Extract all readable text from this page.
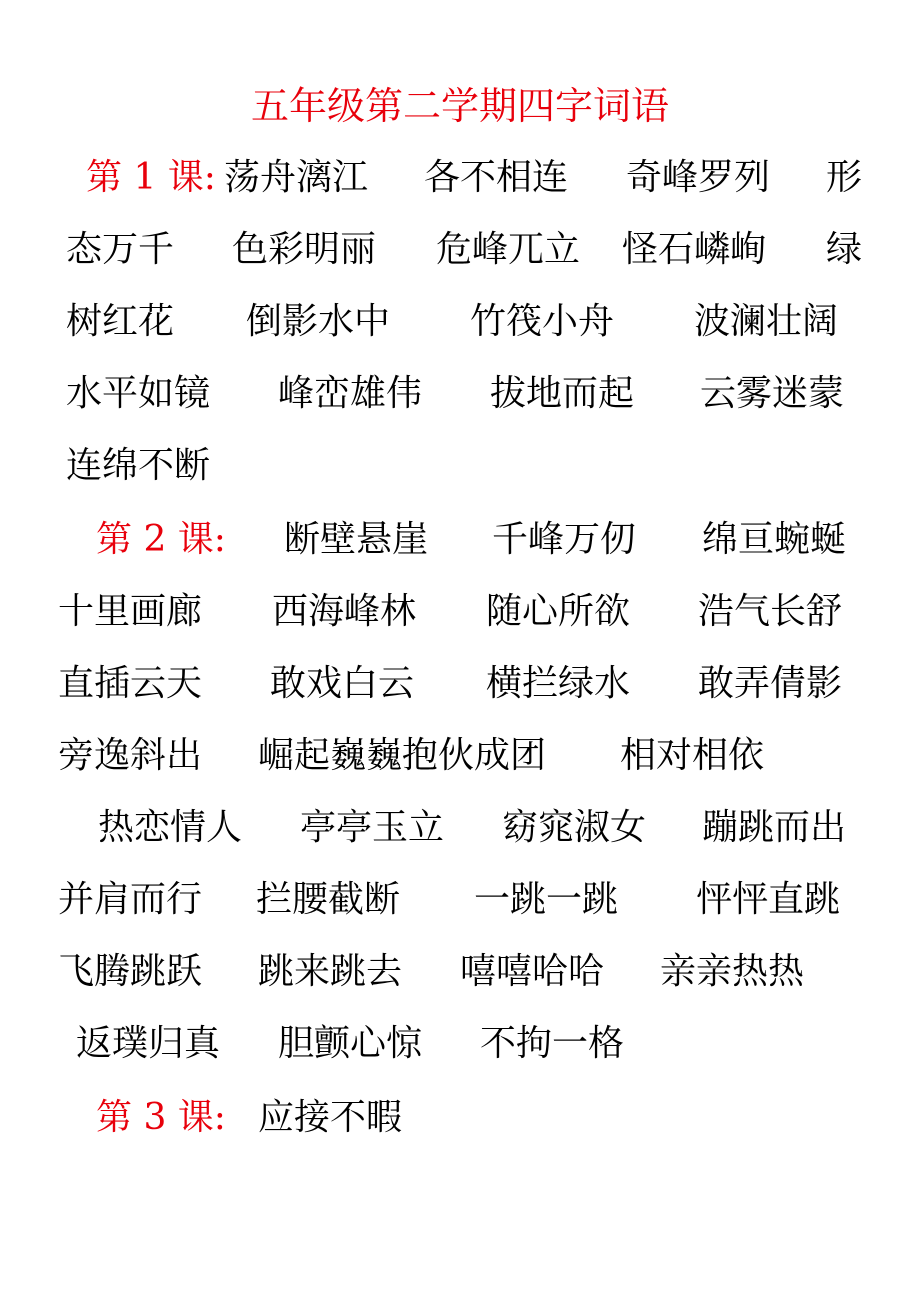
五年级第二学期四字词语
第 1 课: 荡舟漓江 各不相连 奇峰罗列 形
态万千 色彩明丽 危峰兀立 怪石嶙峋 绿
树红花 倒影水中 竹筏小舟 波澜壮阔
水平如镜 峰峦雄伟 拔地而起 云雾迷蒙
连绵不断
第 2 课: 断壁悬崖 千峰万仞 绵亘蜿蜒
十里画廊 西海峰林 随心所欲 浩气长舒
直插云天 敢戏白云 横拦绿水 敢弄倩影
旁逸斜出 崛起巍巍抱伙成团 相对相依
热恋情人 亭亭玉立 窈窕淑女 蹦跳而出
并肩而行 拦腰截断 一跳一跳 怦怦直跳
飞腾跳跃 跳来跳去 嘻嘻哈哈 亲亲热热
返璞归真 胆颤心惊 不拘一格
第 3 课: 应接不暇
